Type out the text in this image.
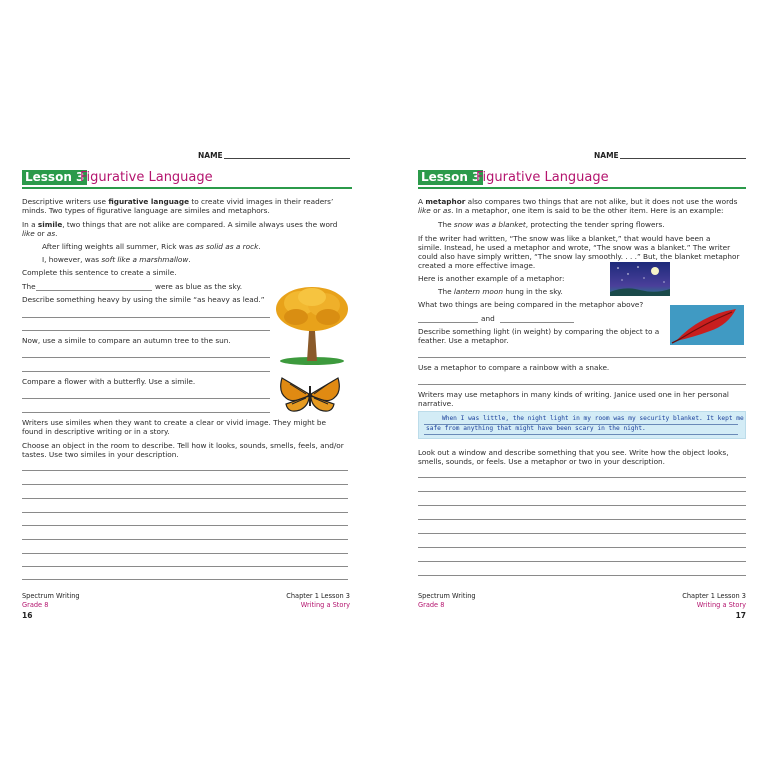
NAME
Lesson 3
Figurative Language
Descriptive writers use figurative language to create vivid images in their readers’
minds. Two types of figurative language are similes and metaphors.
In a simile, two things that are not alike are compared. A simile always uses the word
like or as.
After lifting weights all summer, Rick was as solid as a rock.
I, however, was soft like a marshmallow.
Complete this sentence to create a simile.
The	were as blue as the sky.
Describe something heavy by using the simile “as heavy as lead.”
Now, use a simile to compare an autumn tree to the sun.
Compare a flower with a butterfly. Use a simile.
Writers use similes when they want to create a clear or vivid image. They might be
found in descriptive writing or in a story.
Choose an object in the room to describe. Tell how it looks, sounds, smells, feels, and/or
tastes. Use two similes in your description.
Spectrum Writing
Grade 8
16
Chapter 1 Lesson 3
Writing a Story
NAME
Lesson 3
Figurative Language
A metaphor also compares two things that are not alike, but it does not use the words
like or as. In a metaphor, one item is said to be the other item. Here is an example:
The snow was a blanket, protecting the tender spring flowers.
If the writer had written, “The snow was like a blanket,” that would have been a
simile. Instead, he used a metaphor and wrote, “The snow was a blanket.” The writer
could also have simply written, “The snow lay smoothly. . . .” But, the blanket metaphor
created a more effective image.
Here is another example of a metaphor:
The lantern moon hung in the sky.
What two things are being compared in the metaphor above?
and
Describe something light (in weight) by comparing the object to a
feather. Use a metaphor.
Use a metaphor to compare a rainbow with a snake.
Writers may use metaphors in many kinds of writing. Janice used one in her personal
narrative.
When I was little, the night light in my room was my security blanket. It kept me
safe from anything that might have been scary in the night.
Look out a window and describe something that you see. Write how the object looks,
smells, sounds, or feels. Use a metaphor or two in your description.
Spectrum Writing
Grade 8
Chapter 1 Lesson 3
Writing a Story
17
